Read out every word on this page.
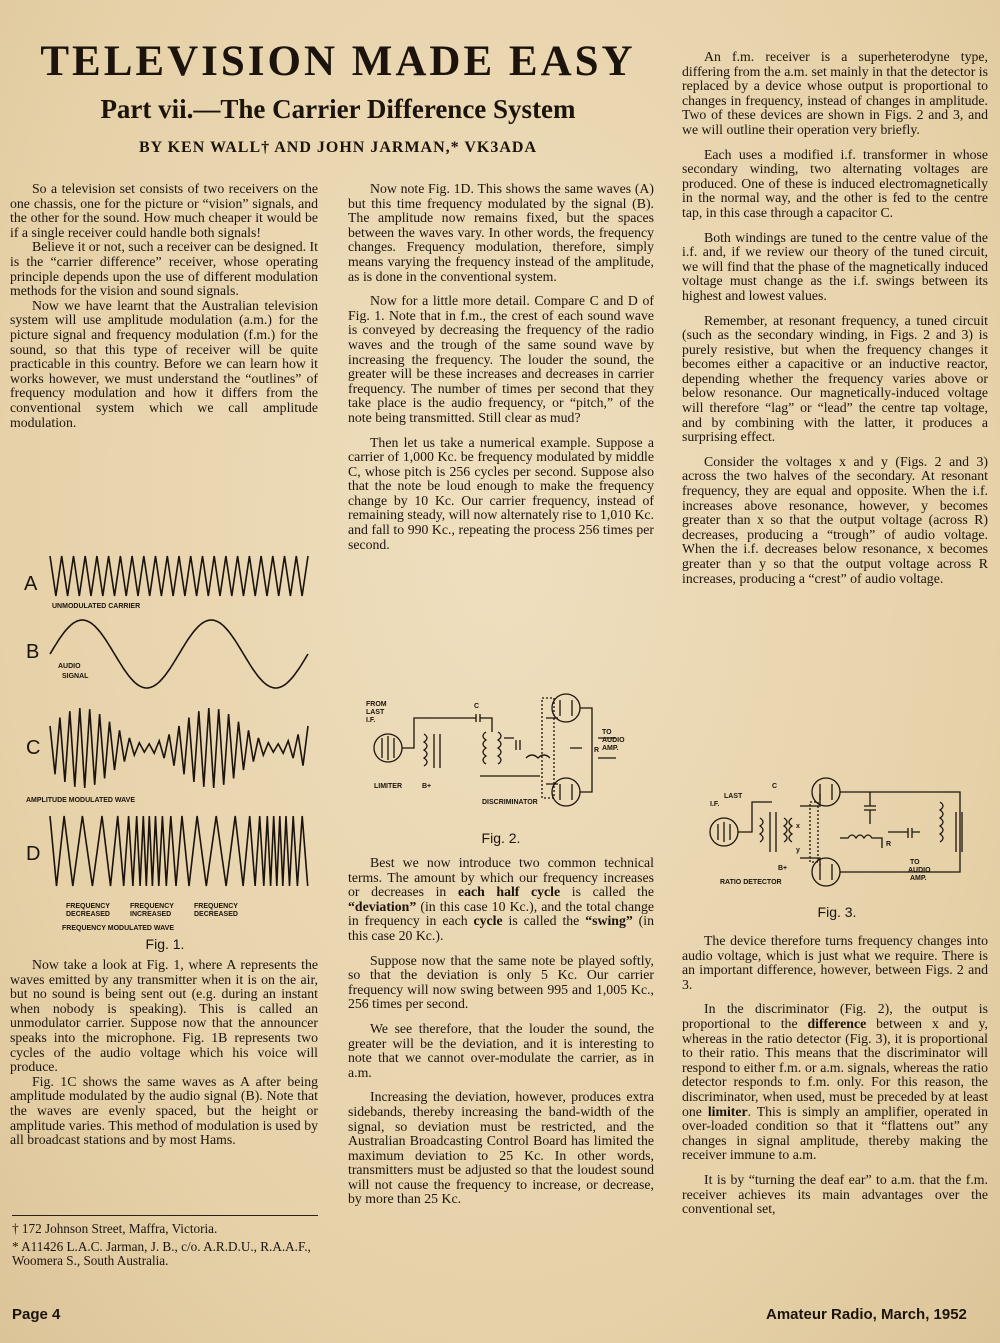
TELEVISION MADE EASY
Part vii.—The Carrier Difference System
BY KEN WALL† AND JOHN JARMAN,* VK3ADA

So a television set consists of two receivers on the one chassis, one for the picture or “vision” signals, and the other for the sound. How much cheaper it would be if a single receiver could handle both signals!

Believe it or not, such a receiver can be designed. It is the “carrier difference” receiver, whose operating principle depends upon the use of different modulation methods for the vision and sound signals.

Now we have learnt that the Australian television system will use amplitude modulation (a.m.) for the picture signal and frequency modulation (f.m.) for the sound, so that this type of receiver will be quite practicable in this country. Before we can learn how it works however, we must understand the “outlines” of frequency modulation and how it differs from the conventional system which we call amplitude modulation.

A
B
C
D
UNMODULATED CARRIER
AUDIO
SIGNAL
AMPLITUDE MODULATED WAVE
FREQUENCY
DECREASED
FREQUENCY
INCREASED
FREQUENCY
DECREASED
FREQUENCY MODULATED WAVE
Fig. 1.

Now take a look at Fig. 1, where A represents the waves emitted by any transmitter when it is on the air, but no sound is being sent out (e.g. during an instant when nobody is speaking). This is called an unmodulator carrier. Suppose now that the announcer speaks into the microphone. Fig. 1B represents two cycles of the audio voltage which his voice will produce.

Fig. 1C shows the same waves as A after being amplitude modulated by the audio signal (B). Note that the waves are evenly spaced, but the height or amplitude varies. This method of modulation is used by all broadcast stations and by most Hams.

† 172 Johnson Street, Maffra, Victoria.
* A11426 L.A.C. Jarman, J. B., c/o. A.R.D.U., R.A.A.F., Woomera S., South Australia.

Now note Fig. 1D. This shows the same waves (A) but this time frequency modulated by the signal (B). The amplitude now remains fixed, but the spaces between the waves vary. In other words, the frequency changes. Frequency modulation, therefore, simply means varying the frequency instead of the amplitude, as is done in the conventional system.

Now for a little more detail. Compare C and D of Fig. 1. Note that in f.m., the crest of each sound wave is conveyed by decreasing the frequency of the radio waves and the trough of the same sound wave by increasing the frequency. The louder the sound, the greater will be these increases and decreases in carrier frequency. The number of times per second that they take place is the audio frequency, or “pitch,” of the note being transmitted. Still clear as mud?

Then let us take a numerical example. Suppose a carrier of 1,000 Kc. be frequency modulated by middle C, whose pitch is 256 cycles per second. Suppose also that the note be loud enough to make the frequency change by 10 Kc. Our carrier frequency, instead of remaining steady, will now alternately rise to 1,010 Kc. and fall to 990 Kc., repeating the process 256 times per second.

FROM
LAST
I.F.
LIMITER	B+
DISCRIMINATOR
C
R
TO
AUDIO
AMP.
Fig. 2.

Best we now introduce two common technical terms. The amount by which our frequency increases or decreases in each half cycle is called the “deviation” (in this case 10 Kc.), and the total change in frequency in each cycle is called the “swing” (in this case 20 Kc.).

Suppose now that the same note be played softly, so that the deviation is only 5 Kc. Our carrier frequency will now swing between 995 and 1,005 Kc., 256 times per second.

We see therefore, that the louder the sound, the greater will be the deviation, and it is interesting to note that we cannot over-modulate the carrier, as in a.m.

Increasing the deviation, however, produces extra sidebands, thereby increasing the band-width of the signal, so deviation must be restricted, and the Australian Broadcasting Control Board has limited the maximum deviation to 25 Kc. In other words, transmitters must be adjusted so that the loudest sound will not cause the frequency to increase, or decrease, by more than 25 Kc.

An f.m. receiver is a superheterodyne type, differing from the a.m. set mainly in that the detector is replaced by a device whose output is proportional to changes in frequency, instead of changes in amplitude. Two of these devices are shown in Figs. 2 and 3, and we will outline their operation very briefly.

Each uses a modified i.f. transformer in whose secondary winding, two alternating voltages are produced. One of these is induced electromagnetically in the normal way, and the other is fed to the centre tap, in this case through a capacitor C.

Both windings are tuned to the centre value of the i.f. and, if we review our theory of the tuned circuit, we will find that the phase of the magnetically induced voltage must change as the i.f. swings between its highest and lowest values.

Remember, at resonant frequency, a tuned circuit (such as the secondary winding, in Figs. 2 and 3) is purely resistive, but when the frequency changes it becomes either a capacitive or an inductive reactor, depending whether the frequency varies above or below resonance. Our magnetically-induced voltage will therefore “lag” or “lead” the centre tap voltage, and by combining with the latter, it produces a surprising effect.

Consider the voltages x and y (Figs. 2 and 3) across the two halves of the secondary. At resonant frequency, they are equal and opposite. When the i.f. increases above resonance, however, y becomes greater than x so that the output voltage (across R) decreases, producing a “trough” of audio voltage. When the i.f. decreases below resonance, x becomes greater than y so that the output voltage across R increases, producing a “crest” of audio voltage.

LAST
I.F.
C
x
y
R
B+
RATIO DETECTOR
TO
AUDIO
AMP.
Fig. 3.

The device therefore turns frequency changes into audio voltage, which is just what we require. There is an important difference, however, between Figs. 2 and 3.

In the discriminator (Fig. 2), the output is proportional to the difference between x and y, whereas in the ratio detector (Fig. 3), it is proportional to their ratio. This means that the discriminator will respond to either f.m. or a.m. signals, whereas the ratio detector responds to f.m. only. For this reason, the discriminator, when used, must be preceded by at least one limiter. This is simply an amplifier, operated in over-loaded condition so that it “flattens out” any changes in signal amplitude, thereby making the receiver immune to a.m.

It is by “turning the deaf ear” to a.m. that the f.m. receiver achieves its main advantages over the conventional set,

Page 4	Amateur Radio, March, 1952
